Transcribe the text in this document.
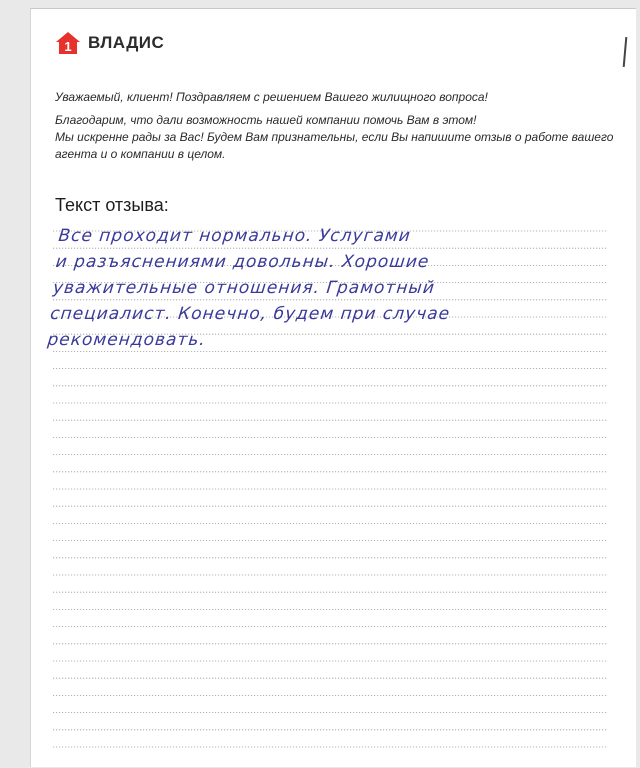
1 ВЛАДИС

Уважаемый, клиент! Поздравляем с решением Вашего жилищного вопроса!

Благодарим, что дали возможность нашей компании помочь Вам в этом!

Мы искренне рады за Вас! Будем Вам признательны, если Вы напишите отзыв о работе вашего агента и о компании в целом.

Текст отзыва:
Все проходит нормально. Услугами
и разъяснениями довольны. Хорошие
уважительные отношения. Грамотный
специалист. Конечно, будем при случае
рекомендовать.
